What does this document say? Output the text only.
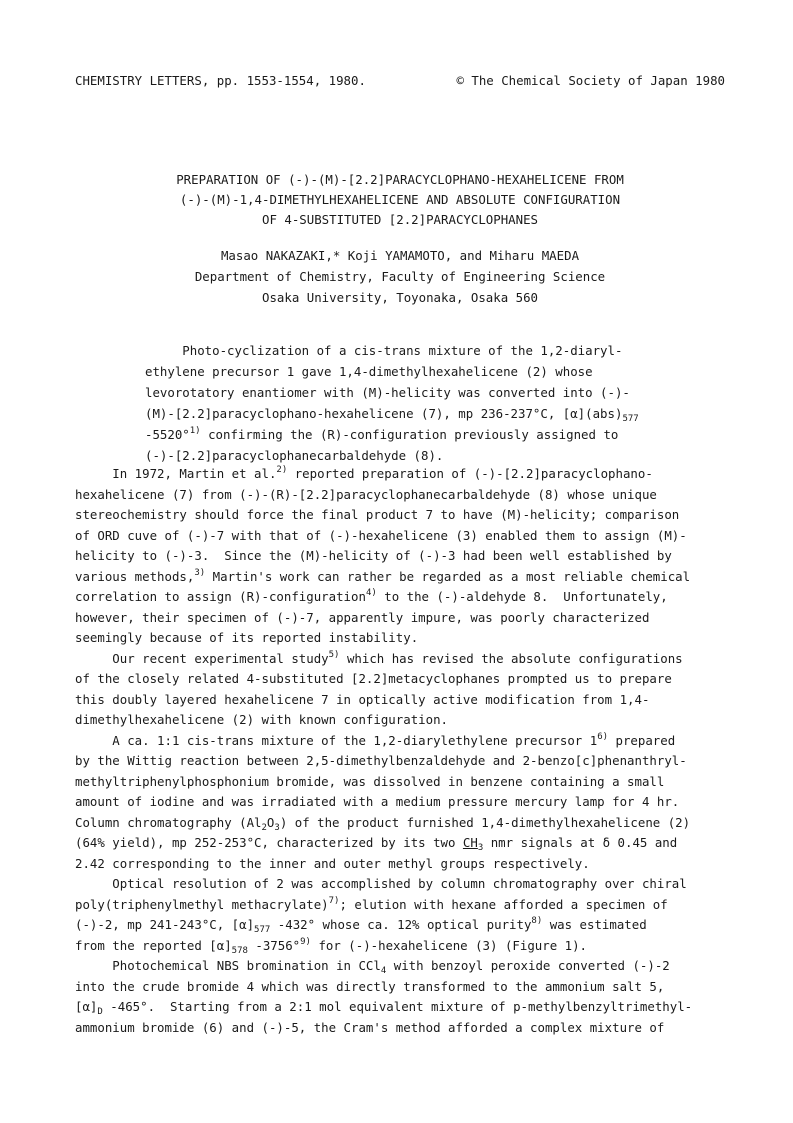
CHEMISTRY LETTERS, pp. 1553-1554, 1980.	© The Chemical Society of Japan 1980
PREPARATION OF (-)-(M)-[2.2]PARACYCLOPHANO-HEXAHELICENE FROM
(-)-(M)-1,4-DIMETHYLHEXAHELICENE AND ABSOLUTE CONFIGURATION
OF 4-SUBSTITUTED [2.2]PARACYCLOPHANES
Masao NAKAZAKI,* Koji YAMAMOTO, and Miharu MAEDA
Department of Chemistry, Faculty of Engineering Science
Osaka University, Toyonaka, Osaka 560
Photo-cyclization of a cis-trans mixture of the 1,2-diaryl-
ethylene precursor 1 gave 1,4-dimethylhexahelicene (2) whose
levorotatory enantiomer with (M)-helicity was converted into (-)-
(M)-[2.2]paracyclophano-hexahelicene (7), mp 236-237°C, $[\alpha](abs)_{577}$
-5520°$^{1)}$ confirming the (R)-configuration previously assigned to
(-)-[2.2]paracyclophanecarbaldehyde (8).
In 1972, Martin et al.$^{2)}$ reported preparation of (-)-[2.2]paracyclophano-
hexahelicene (7) from (-)-(R)-[2.2]paracyclophanecarbaldehyde (8) whose unique
stereochemistry should force the final product 7 to have (M)-helicity; comparison
of ORD cuve of (-)-7 with that of (-)-hexahelicene (3) enabled them to assign (M)-
helicity to (-)-3.  Since the (M)-helicity of (-)-3 had been well established by
various methods,$^{3)}$ Martin's work can rather be regarded as a most reliable chemical
correlation to assign (R)-configuration$^{4)}$ to the (-)-aldehyde 8.  Unfortunately,
however, their specimen of (-)-7, apparently impure, was poorly characterized
seemingly because of its reported instability.
Our recent experimental study$^{5)}$ which has revised the absolute configurations
of the closely related 4-substituted [2.2]metacyclophanes prompted us to prepare
this doubly layered hexahelicene 7 in optically active modification from 1,4-
dimethylhexahelicene (2) with known configuration.
A ca. 1:1 cis-trans mixture of the 1,2-diarylethylene precursor 1$^{6)}$ prepared
by the Wittig reaction between 2,5-dimethylbenzaldehyde and 2-benzo[c]phenanthryl-
methyltriphenylphosphonium bromide, was dissolved in benzene containing a small
amount of iodine and was irradiated with a medium pressure mercury lamp for 4 hr.
Column chromatography $(Al_2O_3)$ of the product furnished 1,4-dimethylhexahelicene (2)
(64% yield), mp 252-253°C, characterized by its two $CH_3$ nmr signals at δ 0.45 and
2.42 corresponding to the inner and outer methyl groups respectively.
Optical resolution of 2 was accomplished by column chromatography over chiral
poly(triphenylmethyl methacrylate)$^{7)}$; elution with hexane afforded a specimen of
(-)-2, mp 241-243°C, $[\alpha]_{577}$ -432° whose ca. 12% optical purity$^{8)}$ was estimated
from the reported $[\alpha]_{578}$ -3756°$^{9)}$ for (-)-hexahelicene (3) (Figure 1).
Photochemical NBS bromination in CCl$_4$ with benzoyl peroxide converted (-)-2
into the crude bromide 4 which was directly transformed to the ammonium salt 5,
$[\alpha]_D$ -465°.  Starting from a 2:1 mol equivalent mixture of p-methylbenzyltrimethyl-
ammonium bromide (6) and (-)-5, the Cram's method afforded a complex mixture of
